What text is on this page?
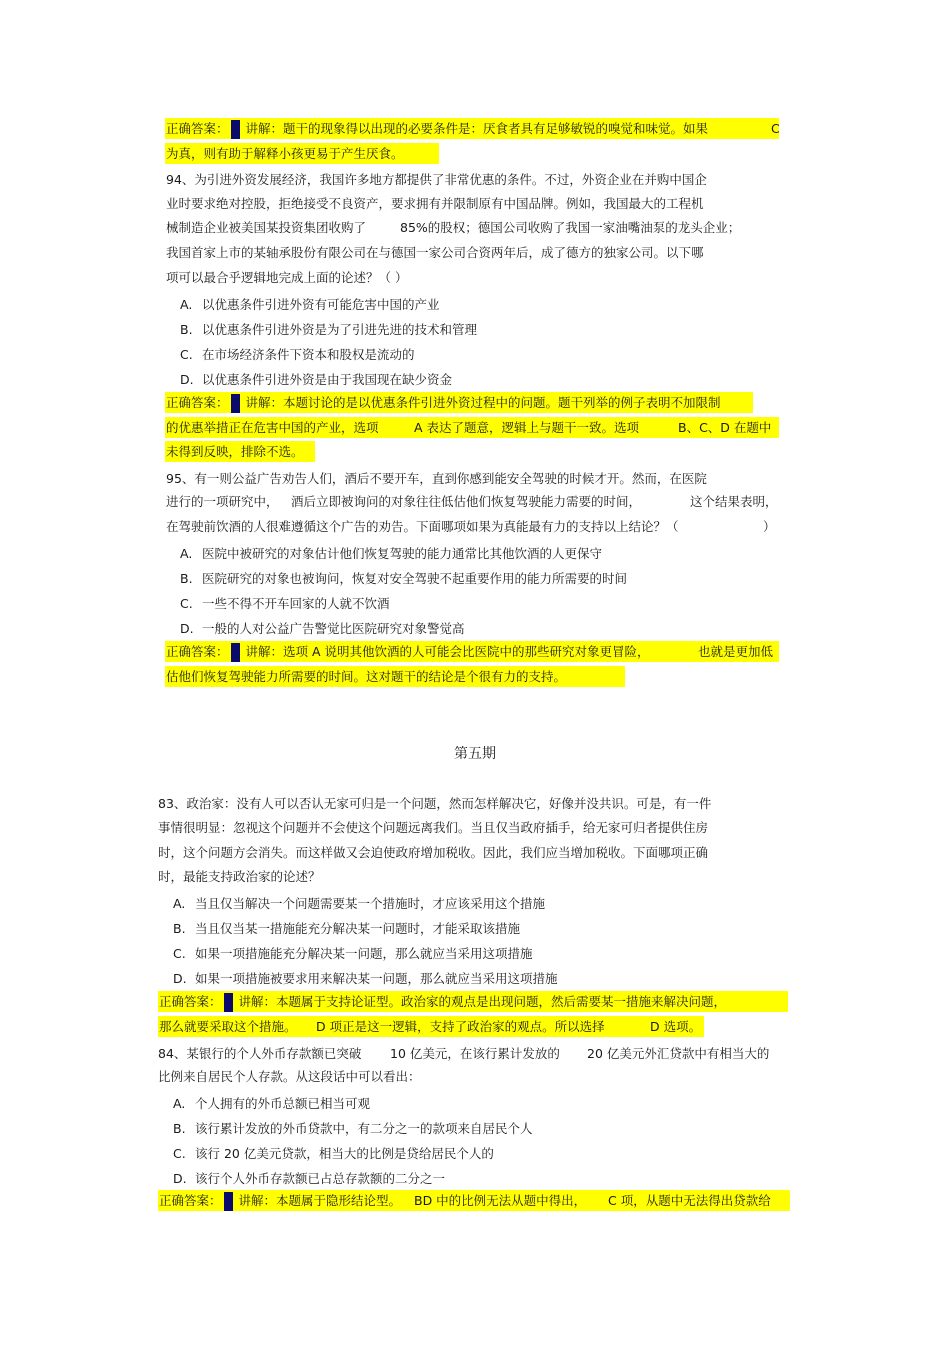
正确答案： 讲解：题干的现象得以出现的必要条件是：厌食者具有足够敏锐的嗅觉和味觉。如果	C
为真，则有助于解释小孩更易于产生厌食。
94、为引进外资发展经济，我国许多地方都提供了非常优惠的条件。不过，外资企业在并购中国企
业时要求绝对控股，拒绝接受不良资产，要求拥有并限制原有中国品牌。例如，我国最大的工程机
械制造企业被美国某投资集团收购了	85%的股权；德国公司收购了我国一家油嘴油泵的龙头企业；
我国首家上市的某轴承股份有限公司在与德国一家公司合资两年后，成了德方的独家公司。以下哪
项可以最合乎逻辑地完成上面的论述？（ ）
A. 以优惠条件引进外资有可能危害中国的产业
B. 以优惠条件引进外资是为了引进先进的技术和管理
C. 在市场经济条件下资本和股权是流动的
D. 以优惠条件引进外资是由于我国现在缺少资金
正确答案： 讲解：本题讨论的是以优惠条件引进外资过程中的问题。题干列举的例子表明不加限制
的优惠举措正在危害中国的产业，选项	A 表达了题意，逻辑上与题干一致。选项	B、C、D 在题中
未得到反映，排除不选。
95、有一则公益广告劝告人们，酒后不要开车，直到你感到能安全驾驶的时候才开。然而，在医院
进行的一项研究中， 酒后立即被询问的对象往往低估他们恢复驾驶能力需要的时间，	这个结果表明，
在驾驶前饮酒的人很难遵循这个广告的劝告。下面哪项如果为真能最有力的支持以上结论？（	）
A. 医院中被研究的对象估计他们恢复驾驶的能力通常比其他饮酒的人更保守
B. 医院研究的对象也被询问，恢复对安全驾驶不起重要作用的能力所需要的时间
C. 一些不得不开车回家的人就不饮酒
D. 一般的人对公益广告警觉比医院研究对象警觉高
正确答案： 讲解：选项 A 说明其他饮酒的人可能会比医院中的那些研究对象更冒险，	也就是更加低
估他们恢复驾驶能力所需要的时间。这对题干的结论是个很有力的支持。
第五期
83、政治家：没有人可以否认无家可归是一个问题，然而怎样解决它，好像并没共识。可是，有一件
事情很明显：忽视这个问题并不会使这个问题远离我们。当且仅当政府插手，给无家可归者提供住房
时，这个问题方会消失。而这样做又会迫使政府增加税收。因此，我们应当增加税收。下面哪项正确
时，最能支持政治家的论述？
A. 当且仅当解决一个问题需要某一个措施时，才应该采用这个措施
B. 当且仅当某一措施能充分解决某一问题时，才能采取该措施
C. 如果一项措施能充分解决某一问题，那么就应当采用这项措施
D. 如果一项措施被要求用来解决某一问题，那么就应当采用这项措施
正确答案： 讲解：本题属于支持论证型。政治家的观点是出现问题，然后需要某一措施来解决问题，
那么就要采取这个措施。 D 项正是这一逻辑，支持了政治家的观点。所以选择	D 选项。
84、某银行的个人外币存款额已突破 10 亿美元，在该行累计发放的 20 亿美元外汇贷款中有相当大的
比例来自居民个人存款。从这段话中可以看出：
A. 个人拥有的外币总额已相当可观
B. 该行累计发放的外币贷款中，有二分之一的款项来自居民个人
C. 该行 20 亿美元贷款，相当大的比例是贷给居民个人的
D. 该行个人外币存款额已占总存款额的二分之一
正确答案： 讲解：本题属于隐形结论型。 BD 中的比例无法从题中得出， C 项，从题中无法得出贷款给
